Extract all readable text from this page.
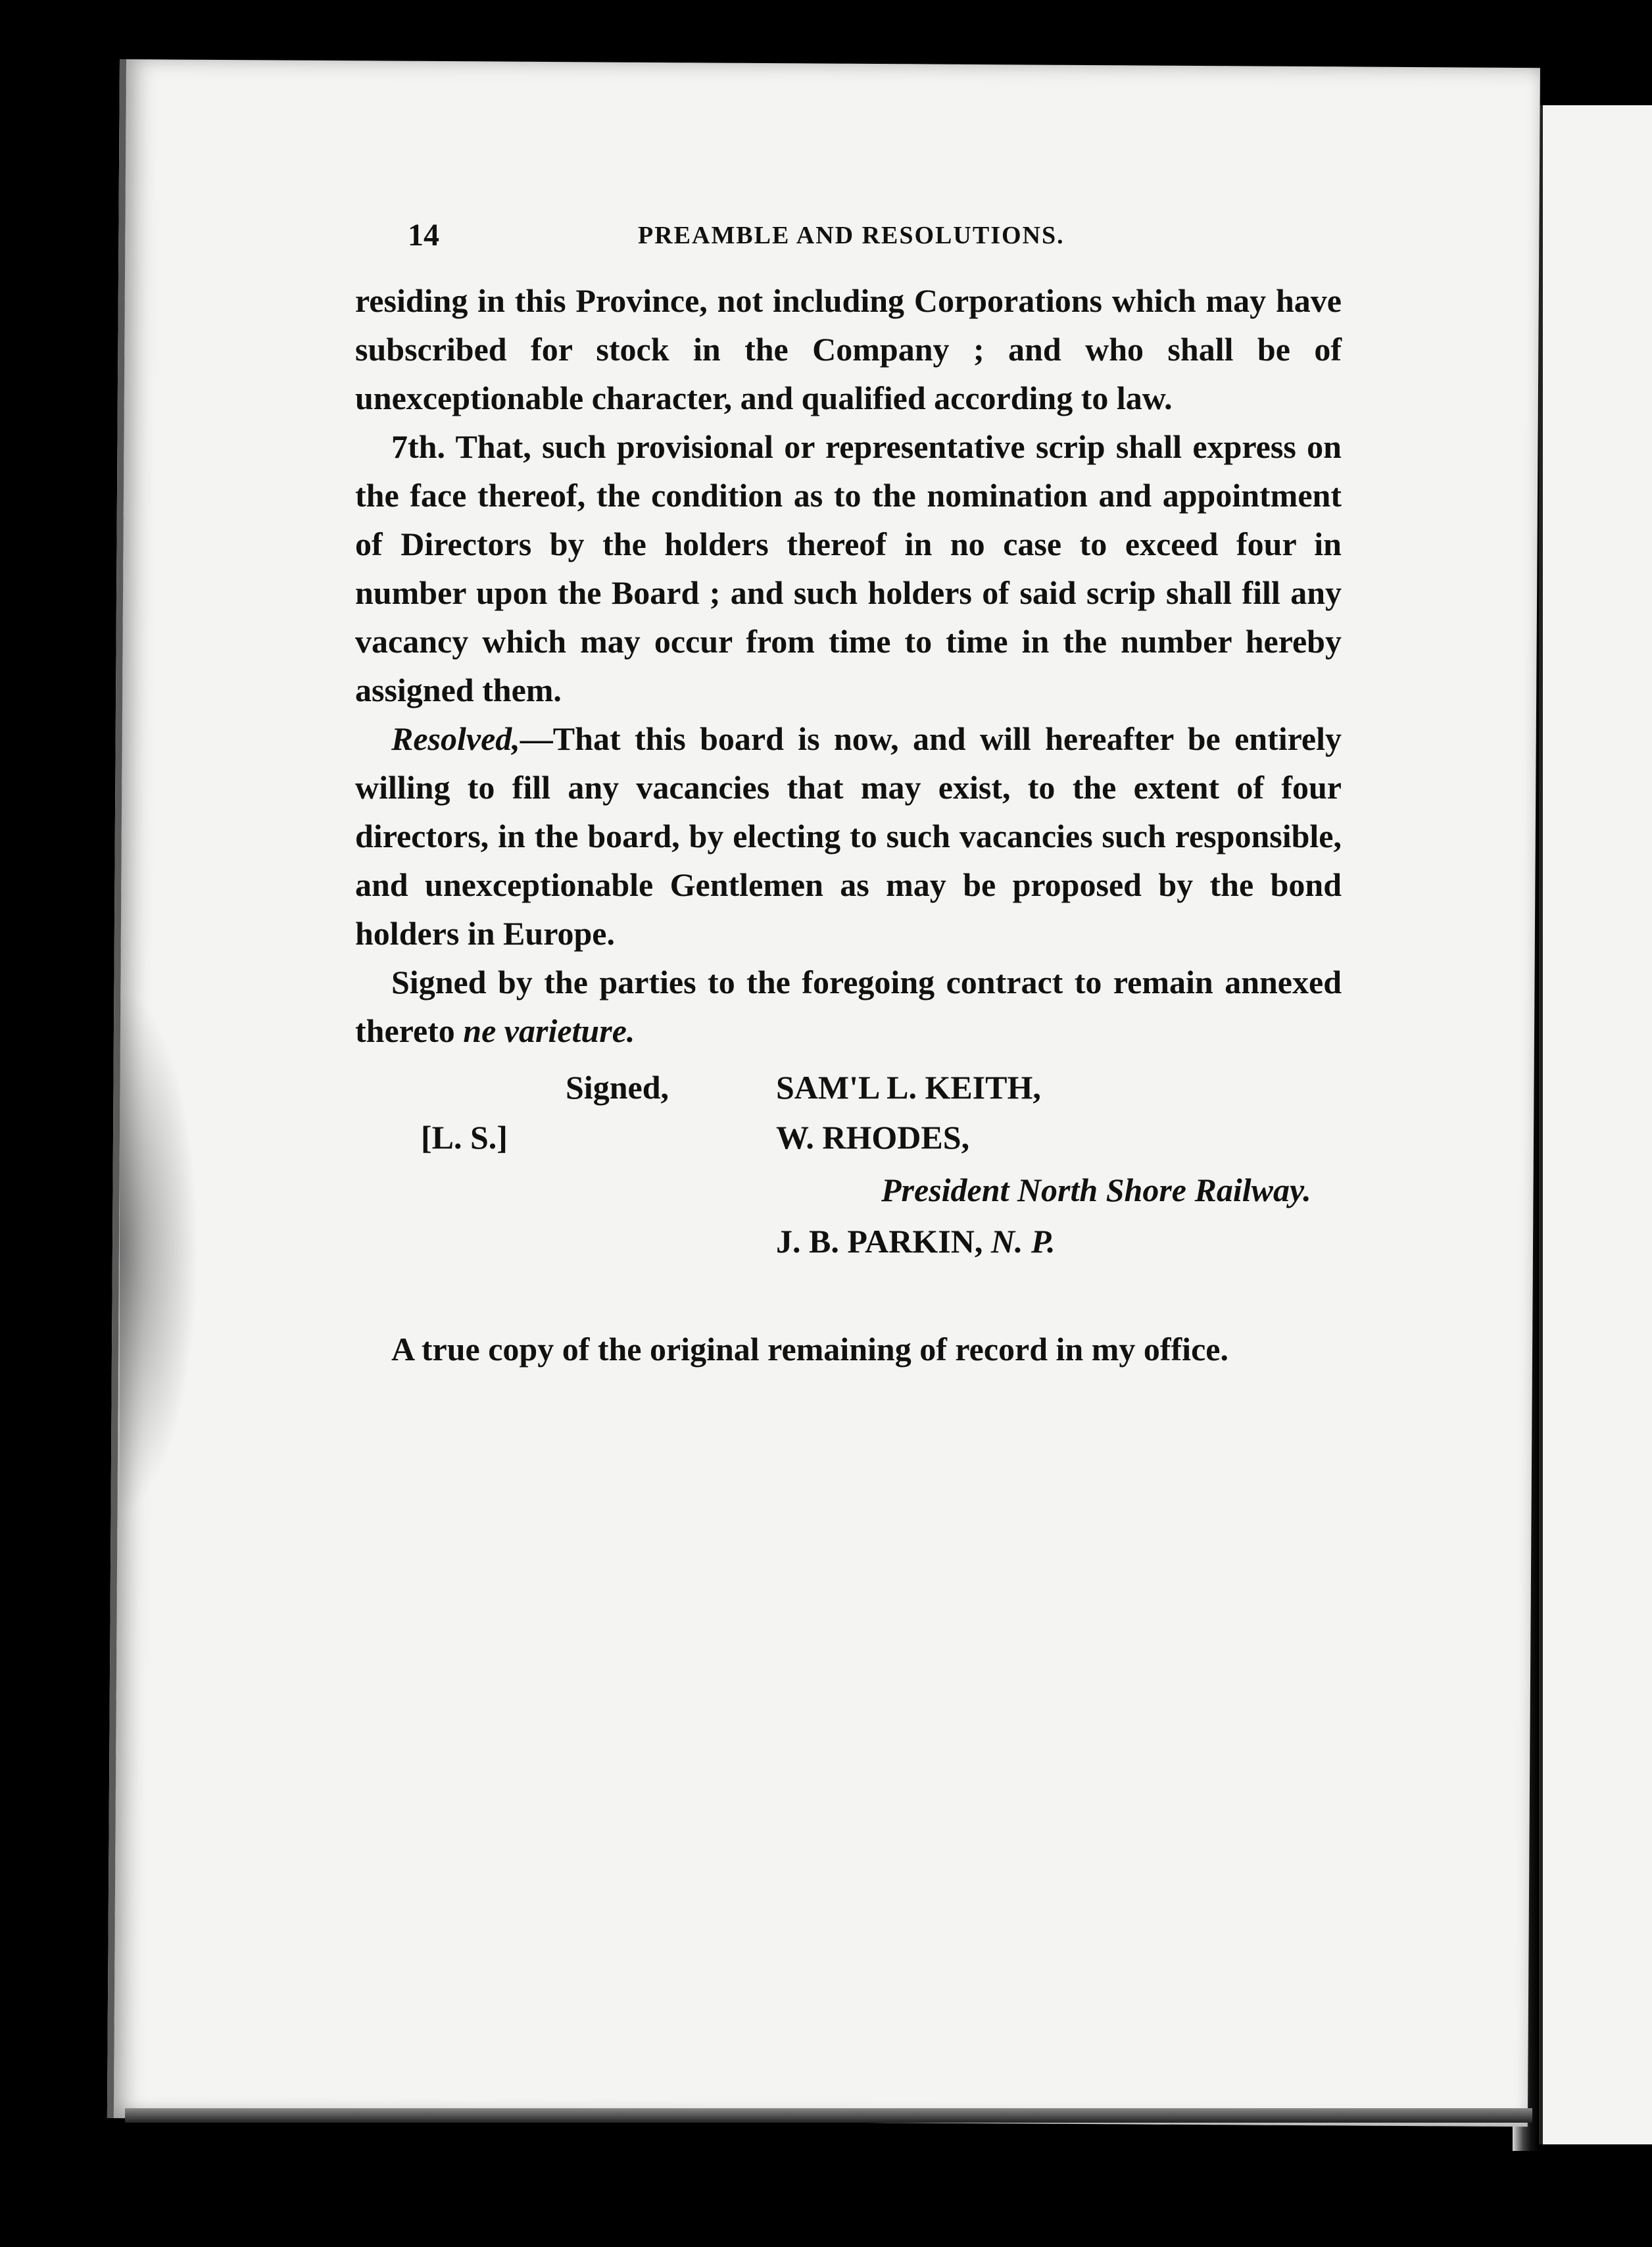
14	PREAMBLE AND RESOLUTIONS.

residing in this Province, not including Corporations which may have subscribed for stock in the Company ; and who shall be of unexceptionable character, and qualified according to law.

7th. That, such provisional or representative scrip shall express on the face thereof, the condition as to the nomination and appointment of Directors by the holders thereof in no case to exceed four in number upon the Board ; and such holders of said scrip shall fill any vacancy which may occur from time to time in the number hereby assigned them.

Resolved,—That this board is now, and will hereafter be entirely willing to fill any vacancies that may exist, to the extent of four directors, in the board, by electing to such vacancies such responsible, and unexceptionable Gentlemen as may be proposed by the bond holders in Europe.

Signed by the parties to the foregoing contract to remain annexed thereto ne varieture.

Signed,
[L. S.]
SAM'L L. KEITH,
W. RHODES,
President North Shore Railway.
J. B. PARKIN, N. P.

A true copy of the original remaining of record in my office.
